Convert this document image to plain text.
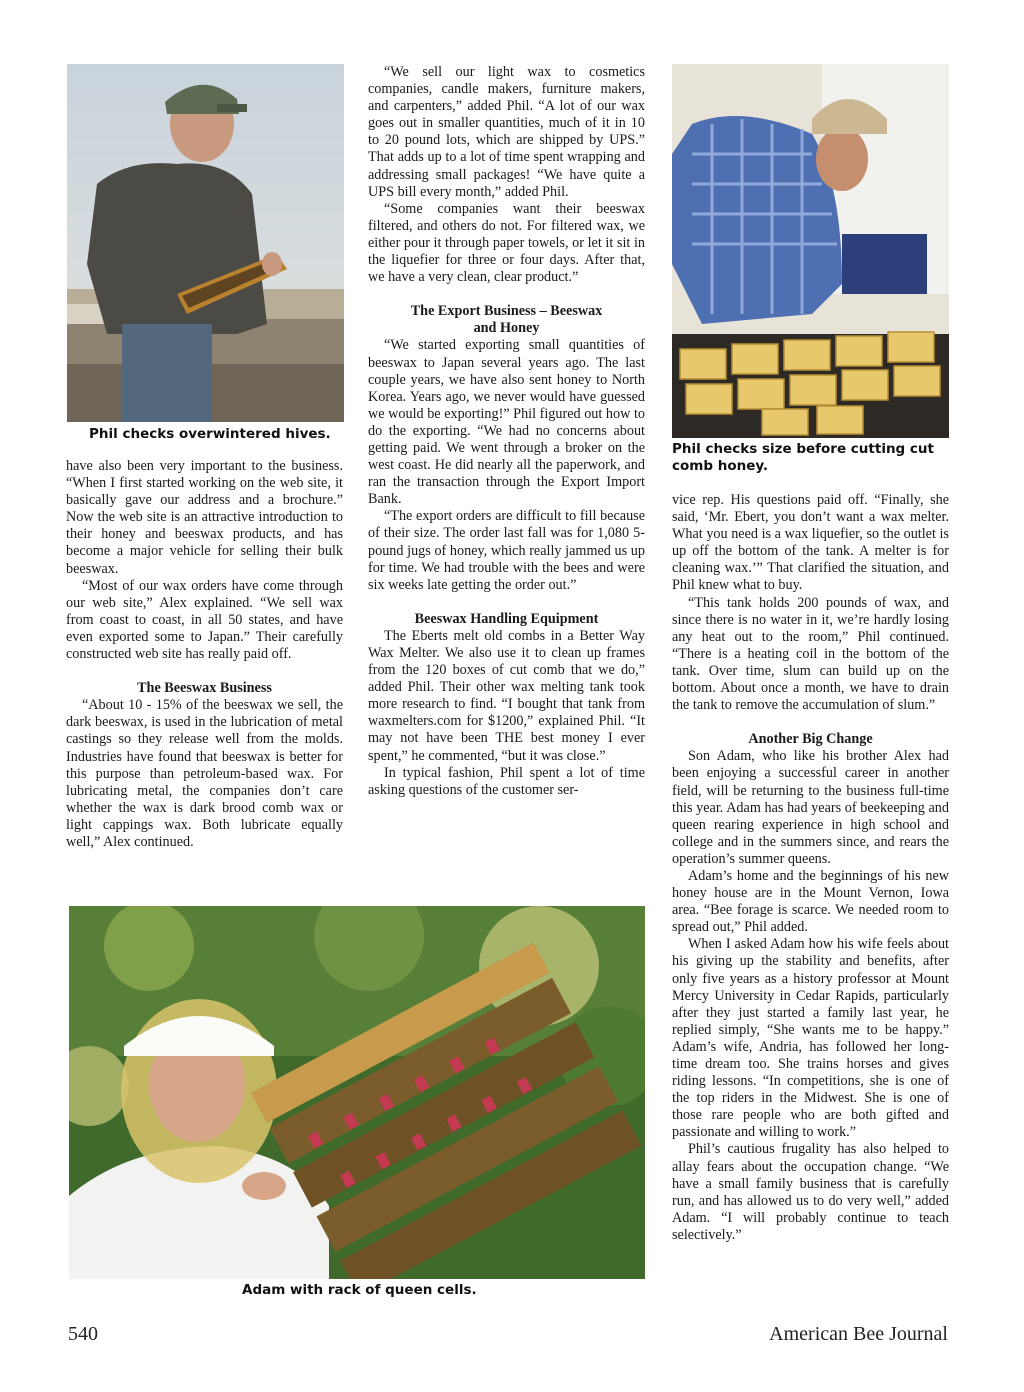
Phil checks overwintered hives.
Phil checks size before cutting cut comb honey.

have also been very important to the business. “When I first started working on the web site, it basically gave our address and a brochure.” Now the web site is an attractive introduction to their honey and beeswax products, and has become a major vehicle for selling their bulk beeswax.

“Most of our wax orders have come through our web site,” Alex explained. “We sell wax from coast to coast, in all 50 states, and have even exported some to Japan.” Their carefully constructed web site has really paid off.

The Beeswax Business

“About 10 - 15% of the beeswax we sell, the dark beeswax, is used in the lubrication of metal castings so they release well from the molds. Industries have found that beeswax is better for this purpose than petroleum-based wax. For lubricating metal, the companies don’t care whether the wax is dark brood comb wax or light cappings wax. Both lubricate equally well,” Alex continued.

“We sell our light wax to cosmetics companies, candle makers, furniture makers, and carpenters,” added Phil. “A lot of our wax goes out in smaller quantities, much of it in 10 to 20 pound lots, which are shipped by UPS.” That adds up to a lot of time spent wrapping and addressing small packages! “We have quite a UPS bill every month,” added Phil.

“Some companies want their beeswax filtered, and others do not. For filtered wax, we either pour it through paper towels, or let it sit in the liquefier for three or four days. After that, we have a very clean, clear product.”

The Export Business – Beeswax and Honey

“We started exporting small quantities of beeswax to Japan several years ago. The last couple years, we have also sent honey to North Korea. Years ago, we never would have guessed we would be exporting!” Phil figured out how to do the exporting. “We had no concerns about getting paid. We went through a broker on the west coast. He did nearly all the paperwork, and ran the transaction through the Export Import Bank.

“The export orders are difficult to fill because of their size. The order last fall was for 1,080 5-pound jugs of honey, which really jammed us up for time. We had trouble with the bees and were six weeks late getting the order out.”

Beeswax Handling Equipment

The Eberts melt old combs in a Better Way Wax Melter. We also use it to clean up frames from the 120 boxes of cut comb that we do,” added Phil. Their other wax melting tank took more research to find. “I bought that tank from waxmelters.com for $1200,” explained Phil. “It may not have been THE best money I ever spent,” he commented, “but it was close.”

In typical fashion, Phil spent a lot of time asking questions of the customer ser-

vice rep. His questions paid off. “Finally, she said, ‘Mr. Ebert, you don’t want a wax melter. What you need is a wax liquefier, so the outlet is up off the bottom of the tank. A melter is for cleaning wax.’” That clarified the situation, and Phil knew what to buy.

“This tank holds 200 pounds of wax, and since there is no water in it, we’re hardly losing any heat out to the room,” Phil continued. “There is a heating coil in the bottom of the tank. Over time, slum can build up on the bottom. About once a month, we have to drain the tank to remove the accumulation of slum.”

Another Big Change

Son Adam, who like his brother Alex had been enjoying a successful career in another field, will be returning to the business full-time this year. Adam has had years of beekeeping and queen rearing experience in high school and college and in the summers since, and rears the operation’s summer queens.

Adam’s home and the beginnings of his new honey house are in the Mount Vernon, Iowa area. “Bee forage is scarce. We needed room to spread out,” Phil added.

When I asked Adam how his wife feels about his giving up the stability and benefits, after only five years as a history professor at Mount Mercy University in Cedar Rapids, particularly after they just started a family last year, he replied simply, “She wants me to be happy.” Adam’s wife, Andria, has followed her long-time dream too. She trains horses and gives riding lessons. “In competitions, she is one of the top riders in the Midwest. She is one of those rare people who are both gifted and passionate and willing to work.”

Phil’s cautious frugality has also helped to allay fears about the occupation change. “We have a small family business that is carefully run, and has allowed us to do very well,” added Adam. “I will probably continue to teach selectively.”

Adam with rack of queen cells.
540	American Bee Journal
